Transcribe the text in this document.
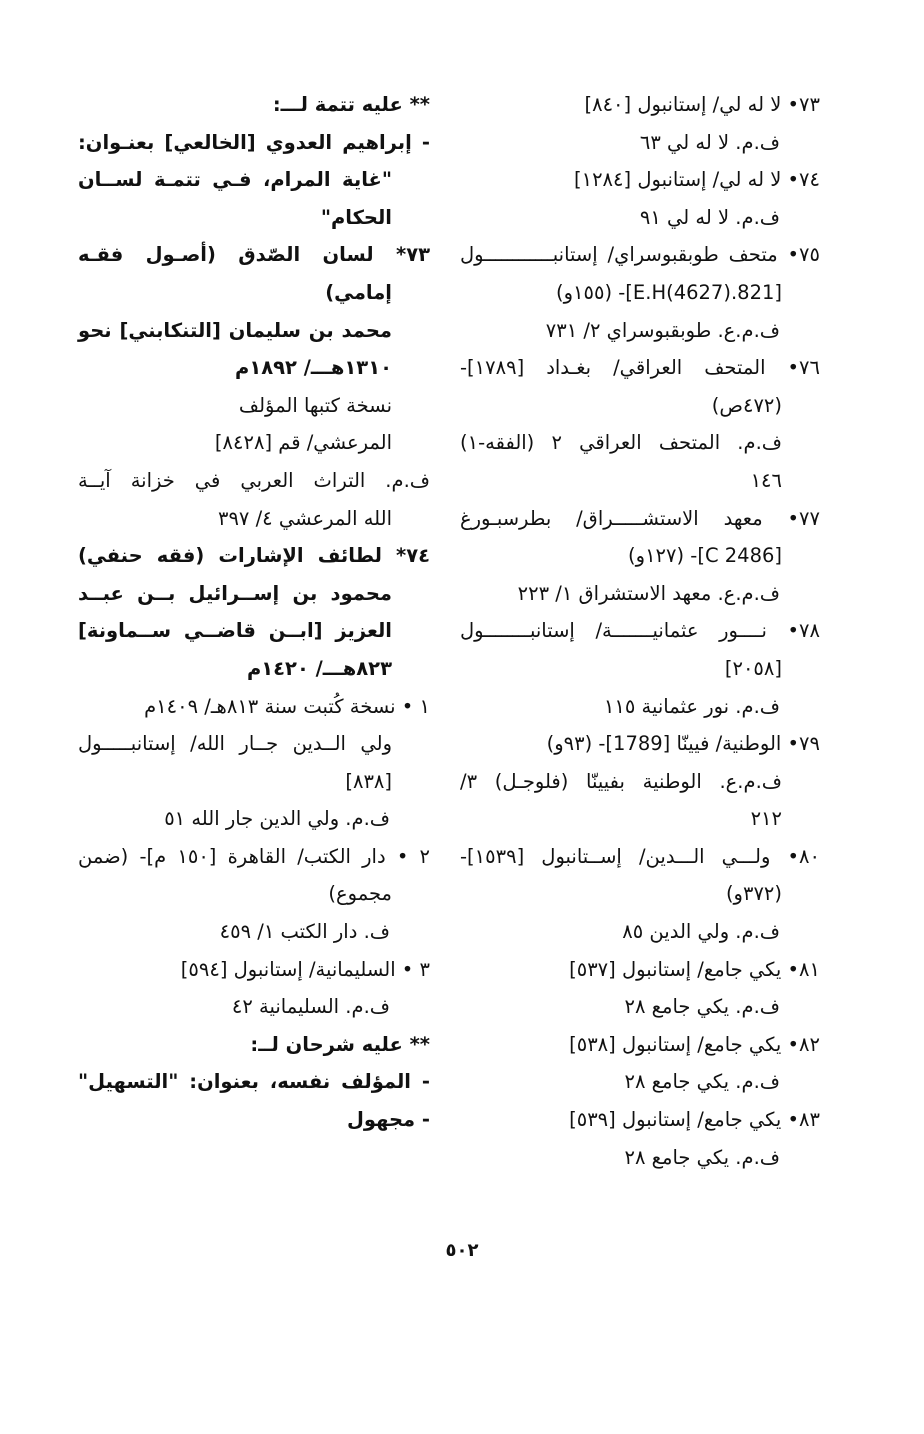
٧٣• لا له لي/ إستانبول [٨٤٠]
ف.م. لا له لي ٦٣
٧٤• لا له لي/ إستانبول [١٢٨٤]
ف.م. لا له لي ٩١
٧٥• متحف طوبقبوسراي/ إستانبــــــــــــول
[821.E.H(4627)]- (١٥٥و)
ف.م.ع. طوبقبوسراي ٢/ ٧٣١
٧٦• المتحف العراقي/ بغـداد [١٧٨٩]-
(٤٧٢ص)
ف.م. المتحف العراقي ٢ (الفقه-١)
١٤٦
٧٧• معهد الاستشـــــراق/ بطرسبـورغ
[C 2486]- (١٢٧و)
ف.م.ع. معهد الاستشراق ١/ ٢٢٣
٧٨• نــــور عثمانيـــــــة/ إستانبــــــــول
[٢٠٥٨]
ف.م. نور عثمانية ١١٥
٧٩• الوطنية/ فيينّا [1789]- (٩٣و)
ف.م.ع. الوطنية بفيينّا (فلوجـل) ٣/
٢١٢
٨٠• ولـــي الـــدين/ إســتانبول [١٥٣٩]-
(٣٧٢و)
ف.م. ولي الدين ٨٥
٨١• يكي جامع/ إستانبول [٥٣٧]
ف.م. يكي جامع ٢٨
٨٢• يكي جامع/ إستانبول [٥٣٨]
ف.م. يكي جامع ٢٨
٨٣• يكي جامع/ إستانبول [٥٣٩]
ف.م. يكي جامع ٢٨
** عليه تتمة لـــ:
- إبراهيم العدوي [الخالعي] بعنـوان:
"غاية المرام، فـي تتمـة لســان
الحكام"
٧٣* لسان الصّدق (أصـول فقـه
إمامي)
محمد بن سليمان [التنكابني] نحو
١٣١٠هـــ/ ١٨٩٢م
نسخة كتبها المؤلف
المرعشي/ قم [٨٤٢٨]
ف.م. التراث العربي في خزانة آيــة
الله المرعشي ٤/ ٣٩٧
٧٤* لطائف الإشارات (فقه حنفي)
محمود بن إســرائيل بــن عبــد
العزيز [ابــن قاضــي ســماونة]
٨٢٣هـــ/ ١٤٢٠م
١ • نسخة كُتبت سنة ٨١٣هـ/ ١٤٠٩م
ولي الــدين جــار الله/ إستانبـــــول
[٨٣٨]
ف.م. ولي الدين جار الله ٥١
٢ • دار الكتب/ القاهرة [١٥٠ م]- (ضمن
مجموع)
ف. دار الكتب ١/ ٤٥٩
٣ • السليمانية/ إستانبول [٥٩٤]
ف.م. السليمانية ٤٢
** عليه شرحان لــ:
- المؤلف نفسه، بعنوان: "التسهيل"
- مجهول
٥٠٢
